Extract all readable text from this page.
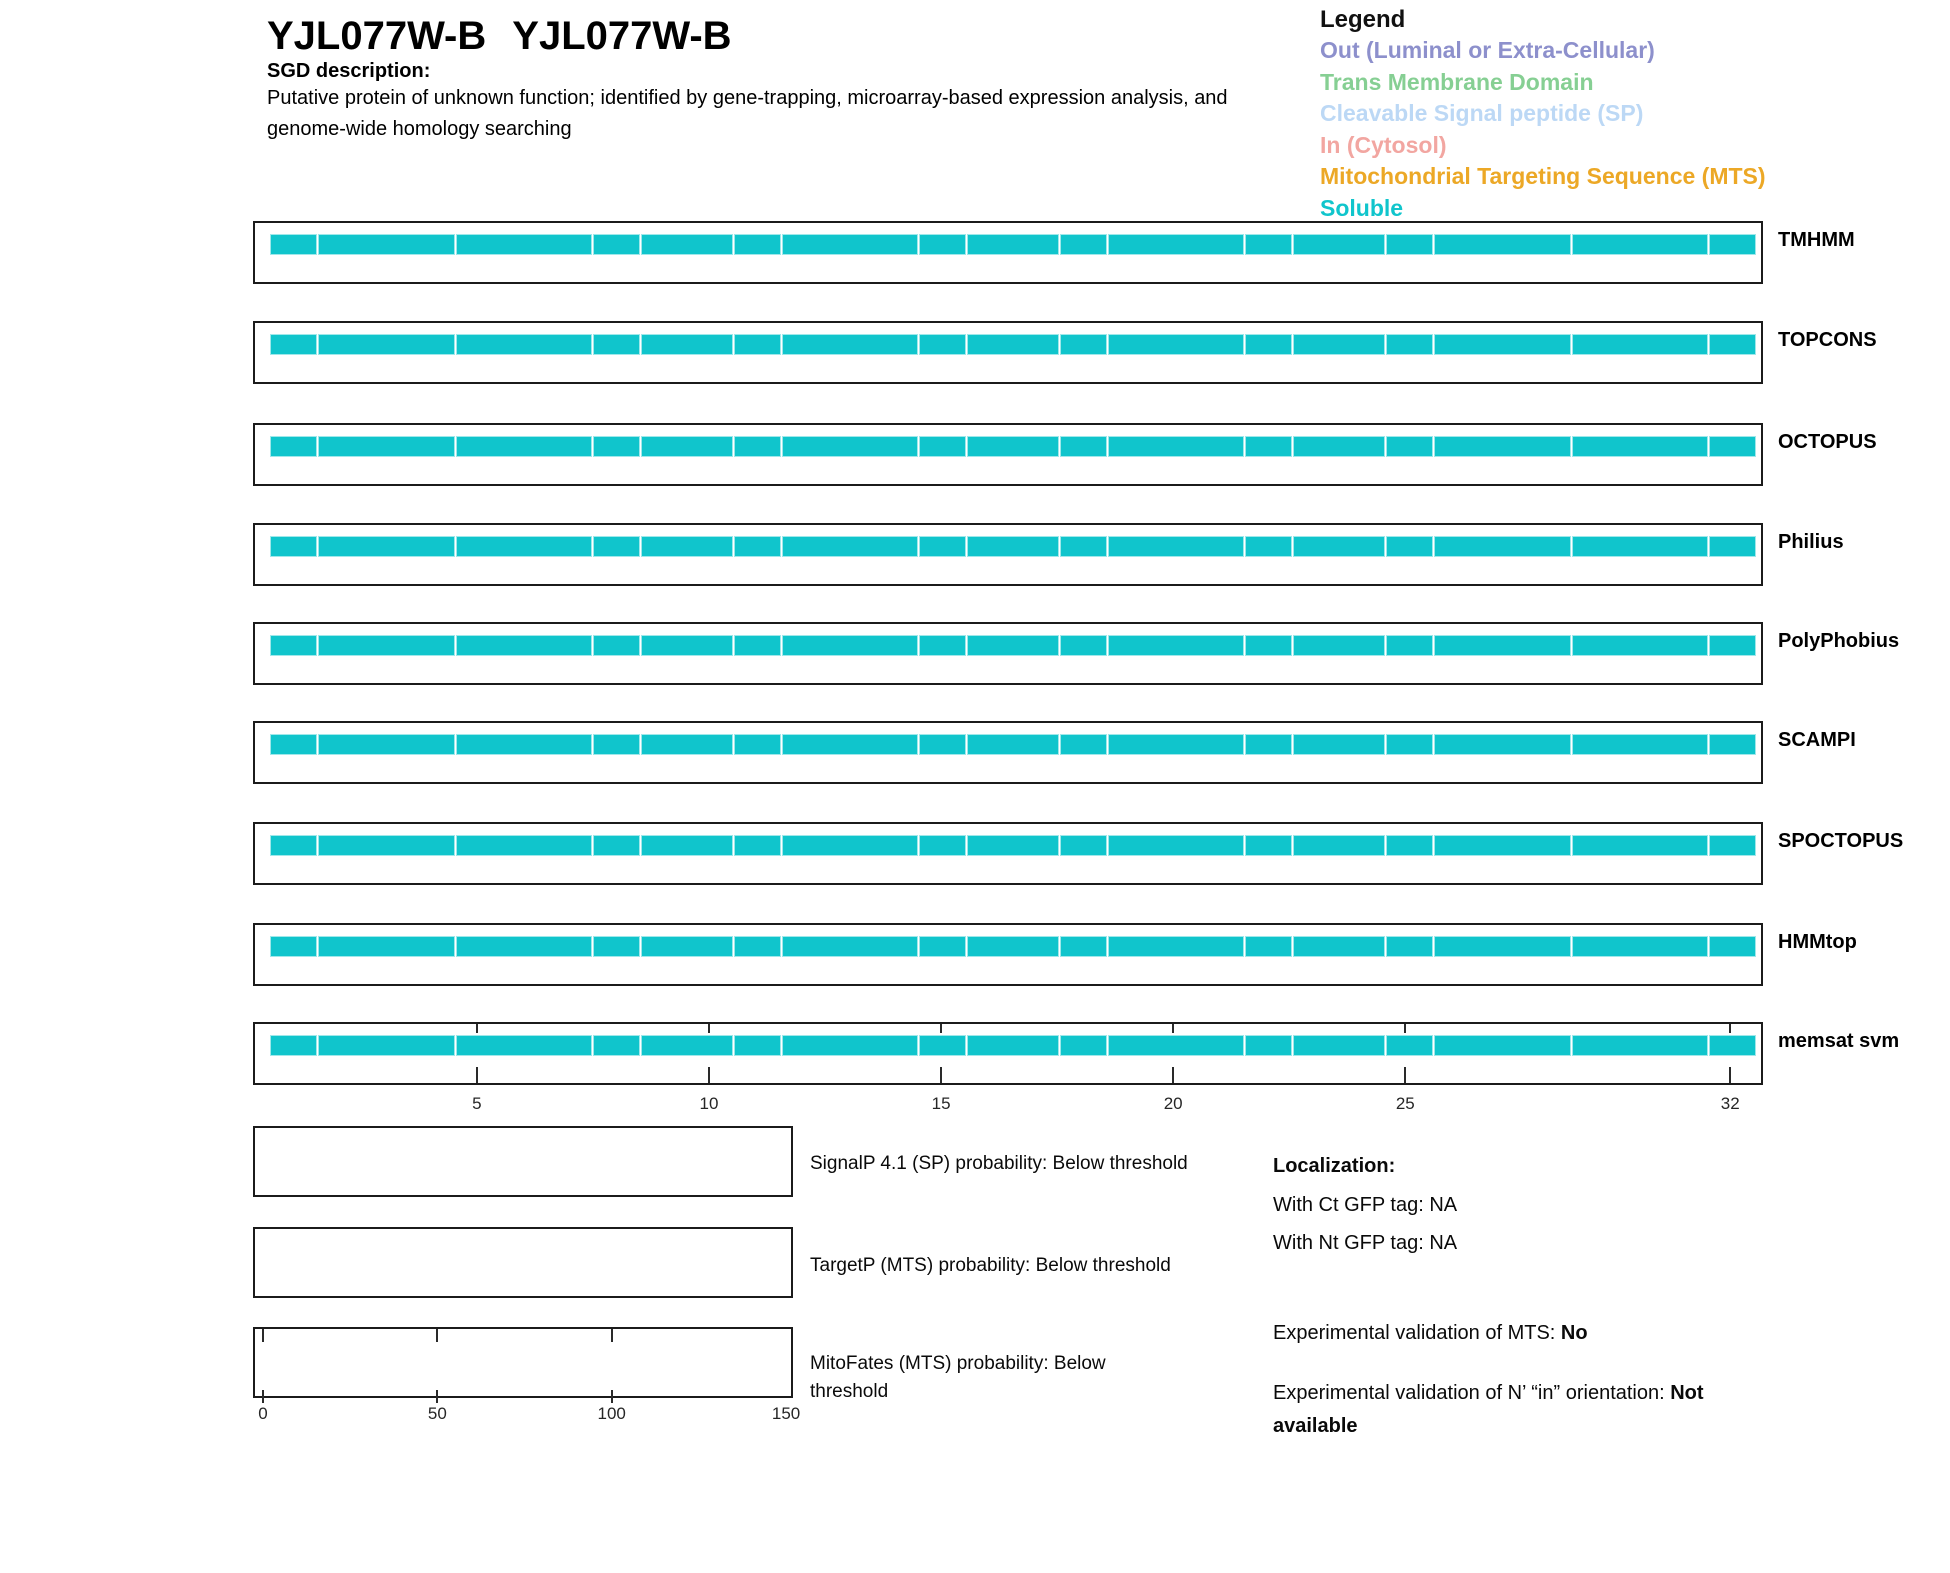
YJL077W-B YJL077W-B
SGD description:
Putative protein of unknown function; identified by gene-trapping, microarray-based expression analysis, and genome-wide homology searching
Legend
Out (Luminal or Extra-Cellular)
Trans Membrane Domain
Cleavable Signal peptide (SP)
In (Cytosol)
Mitochondrial Targeting Sequence (MTS)
Soluble
TMHMM
TOPCONS
OCTOPUS
Philius
PolyPhobius
SCAMPI
SPOCTOPUS
HMMtop
memsat svm
5	10	15	20	25	32
0	50	100	150
Localization:
With Ct GFP tag: NA
With Nt GFP tag: NA
Experimental validation of MTS: No
Experimental validation of N’ “in” orientation: Not available
SignalP 4.1 (SP) probability: Below threshold
TargetP (MTS) probability: Below threshold
MitoFates (MTS) probability: Below threshold
